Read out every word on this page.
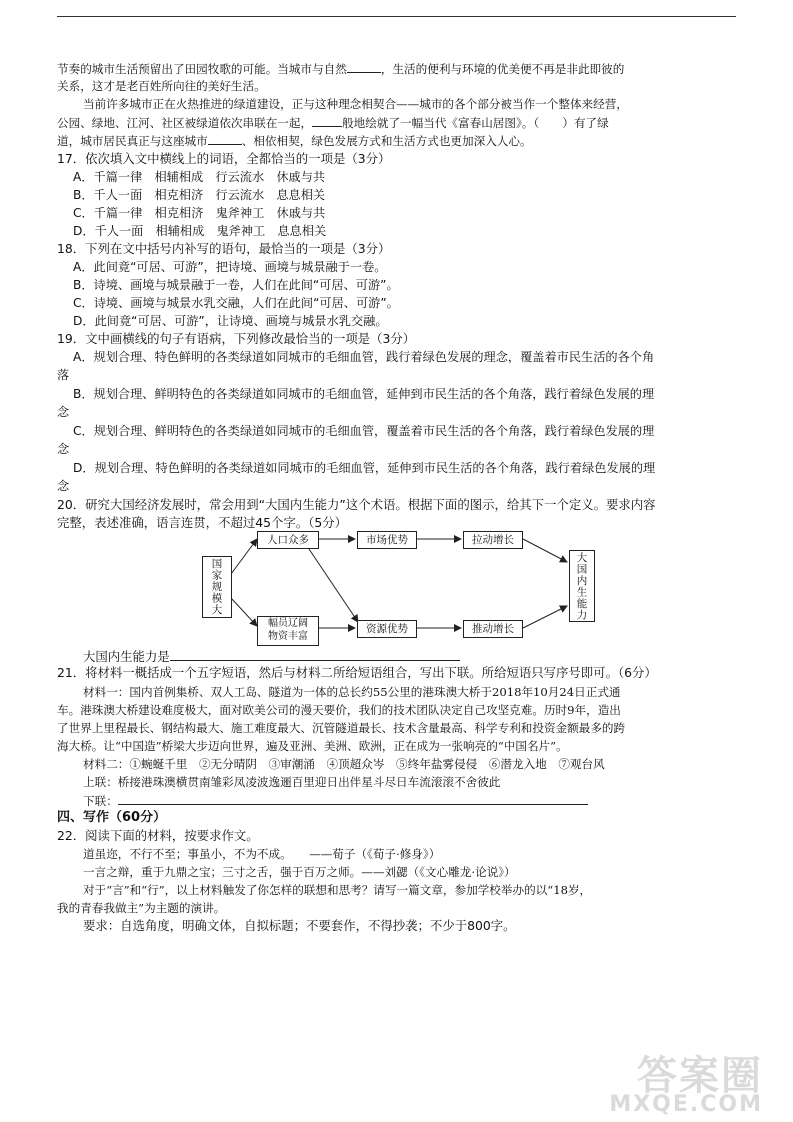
节奏的城市生活预留出了田园牧歌的可能。当城市与自然	，生活的便利与环境的优美便不再是非此即彼的
关系，这才是老百姓所向往的美好生活。
当前许多城市正在火热推进的绿道建设，正与这种理念相契合——城市的各个部分被当作一个整体来经营，
公园、绿地、江河、社区被绿道依次串联在一起，	般地绘就了一幅当代《富春山居图》。（　　）有了绿
道，城市居民真正与这座城市	、相依相契，绿色发展方式和生活方式也更加深入人心。
17．依次填入文中横线上的词语，全都恰当的一项是（3分）
A．千篇一律　相辅相成　行云流水　休戚与共
B．千人一面　相克相济　行云流水　息息相关
C．千篇一律　相克相济　鬼斧神工　休戚与共
D．千人一面　相辅相成　鬼斧神工　息息相关
18．下列在文中括号内补写的语句，最恰当的一项是（3分）
A．此间竟“可居、可游”，把诗境、画境与城景融于一卷。
B．诗境、画境与城景融于一卷，人们在此间“可居、可游”。
C．诗境、画境与城景水乳交融，人们在此间“可居、可游”。
D．此间竟“可居、可游”，让诗境、画境与城景水乳交融。
19．文中画横线的句子有语病，下列修改最恰当的一项是（3分）
A．规划合理、特色鲜明的各类绿道如同城市的毛细血管，践行着绿色发展的理念，覆盖着市民生活的各个角
落
B．规划合理、鲜明特色的各类绿道如同城市的毛细血管，延伸到市民生活的各个角落，践行着绿色发展的理
念
C．规划合理、鲜明特色的各类绿道如同城市的毛细血管，覆盖着市民生活的各个角落，践行着绿色发展的理
念
D．规划合理、特色鲜明的各类绿道如同城市的毛细血管，延伸到市民生活的各个角落，践行着绿色发展的理
念
20．研究大国经济发展时，常会用到“大国内生能力”这个术语。根据下面的图示，给其下一个定义。要求内容
完整，表述准确，语言连贯，不超过45个字。（5分）
国家规模大
人口众多
幅员辽阔
物资丰富
市场优势
资源优势
拉动增长
推动增长
大国内生能力
大国内生能力是
21．将材料一概括成一个五字短语，然后与材料二所给短语组合，写出下联。所给短语只写序号即可。（6分）
材料一：国内首例集桥、双人工岛、隧道为一体的总长约55公里的港珠澳大桥于2018年10月24日正式通
车。港珠澳大桥建设难度极大，面对欧美公司的漫天要价，我们的技术团队决定自己攻坚克难。历时9年，造出
了世界上里程最长、钢结构最大、施工难度最大、沉管隧道最长、技术含量最高、科学专利和投资金额最多的跨
海大桥。让“中国造”桥梁大步迈向世界，遍及亚洲、美洲、欧洲，正在成为一张响亮的“中国名片”。
材料二：①蜿蜒千里　②无分晴阴　③审潮涌　④顶超众岑　⑤终年盐雾侵侵　⑥潜龙入地　⑦观台风
上联：桥接港珠澳横贯南雏彩凤凌波逸逦百里迎日出伴星斗尽日车流滚滚不舍彼此
下联：
四、写作（60分）
22．阅读下面的材料，按要求作文。
道虽迩，不行不至；事虽小，不为不成。　　——荀子（《荀子·修身》）
一言之辩，重于九鼎之宝；三寸之舌，强于百万之师。——刘勰（《文心雕龙·论说》）
对于“言”和“行”，以上材料触发了你怎样的联想和思考？请写一篇文章，参加学校举办的以“18岁，
我的青春我做主”为主题的演讲。
要求：自选角度，明确文体，自拟标题；不要套作，不得抄袭；不少于800字。
答案圈
MXQE.COM
